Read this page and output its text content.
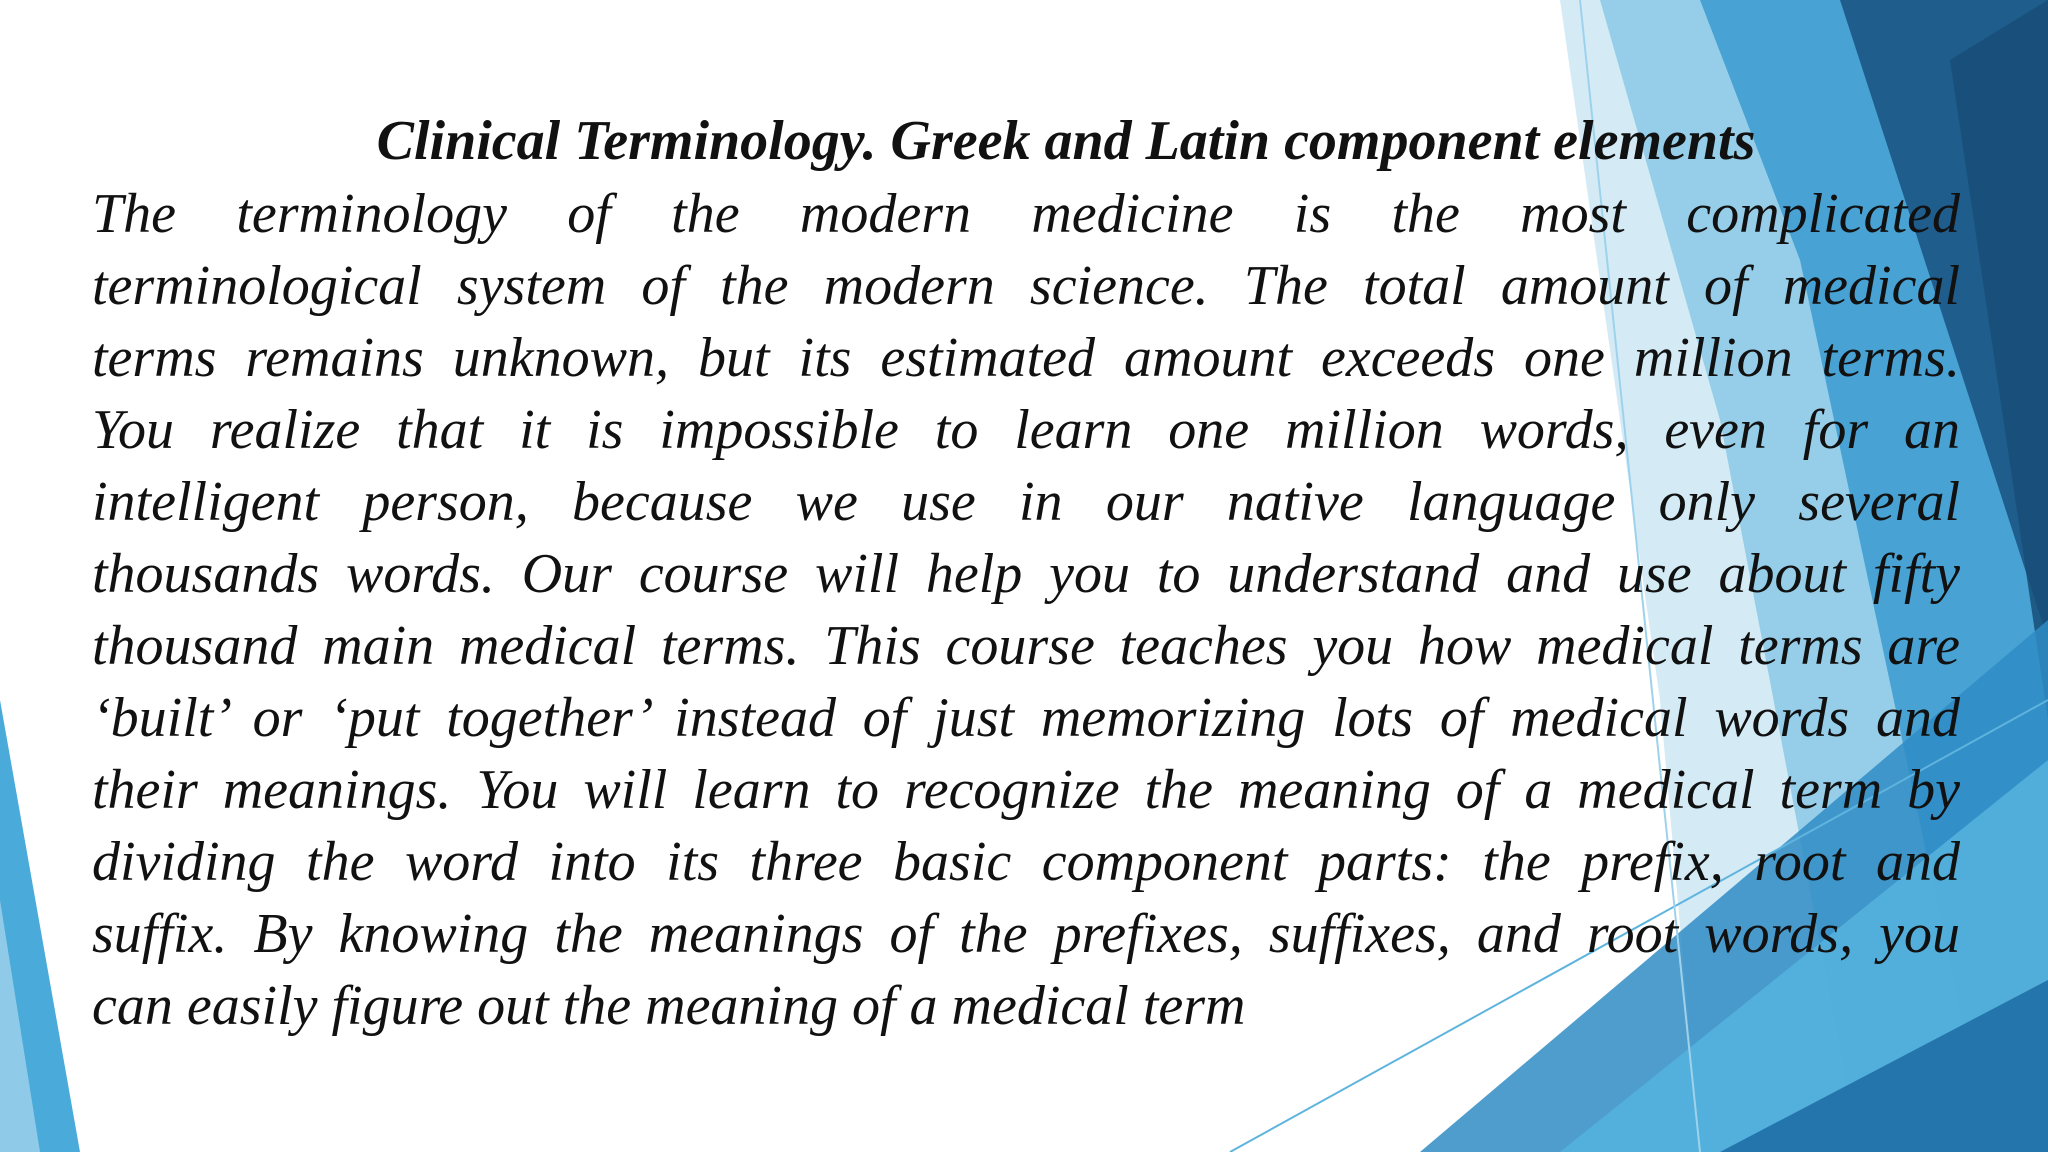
Clinical Terminology. Greek and Latin component elements
The terminology of the modern medicine is the most complicated
terminological system of the modern science. The total amount of medical
terms remains unknown, but its estimated amount exceeds one million terms.
You realize that it is impossible to learn one million words, even for an
intelligent person, because we use in our native language only several
thousands words. Our course will help you to understand and use about fifty
thousand main medical terms. This course teaches you how medical terms are
‘built’ or ‘put together’ instead of just memorizing lots of medical words and
their meanings. You will learn to recognize the meaning of a medical term by
dividing the word into its three basic component parts: the prefix, root and
suffix. By knowing the meanings of the prefixes, suffixes, and root words, you
can easily figure out the meaning of a medical term
